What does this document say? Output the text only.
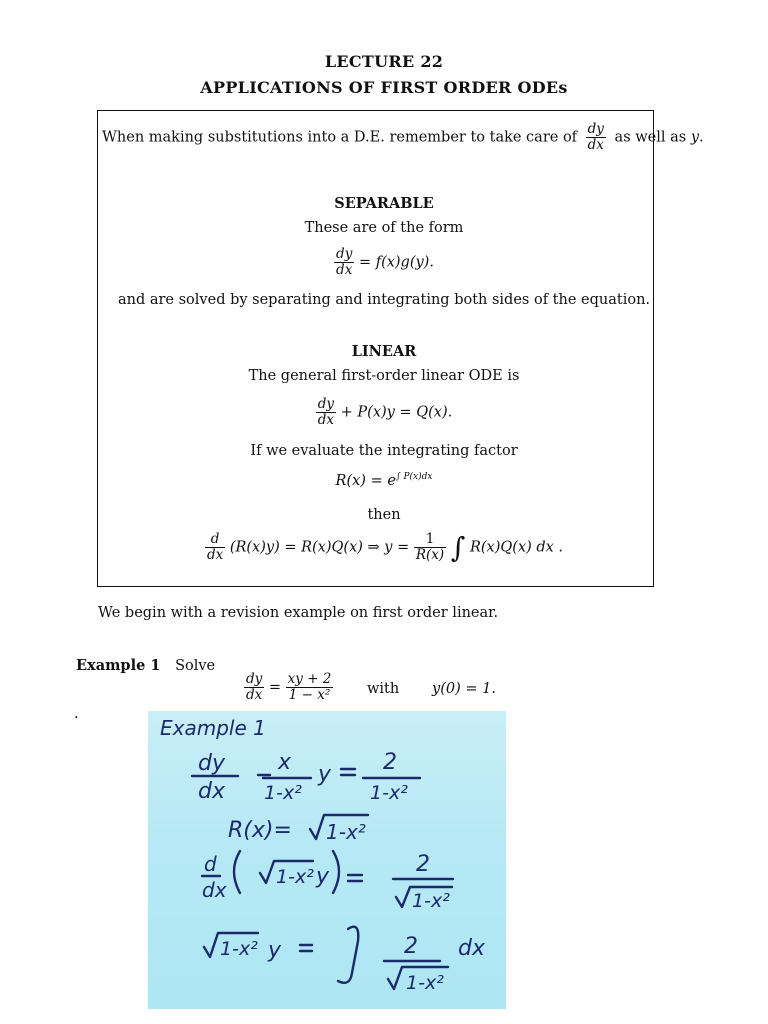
LECTURE 22
APPLICATIONS OF FIRST ORDER ODEs
When making substitutions into a D.E. remember to take care of $\frac{dy}{dx}$ as well as y.
SEPARABLE
These are of the form
$\frac{dy}{dx} = f(x)g(y)$.
and are solved by separating and integrating both sides of the equation.
LINEAR
The general first-order linear ODE is
$\frac{dy}{dx} + P(x)y = Q(x)$.
If we evaluate the integrating factor
$R(x) = e^{\int P(x)dx}$
then
$\frac{d}{dx} (R(x)y) = R(x)Q(x)$ ⇒ $y = \frac{1}{R(x)}$ ∫ R(x)Q(x) dx .
We begin with a revision example on first order linear.
Example 1 Solve
$\frac{dy}{dx} = \frac{xy + 2}{\text{1 − x²}}$ with y(0) = 1.
.
Example 1
dy
dx
x
1-x²
y 2
1-x²
R(x)= 1-x²
d
dx
1-x² y	2
1-x²
1-x² y	2
1-x²
dx
